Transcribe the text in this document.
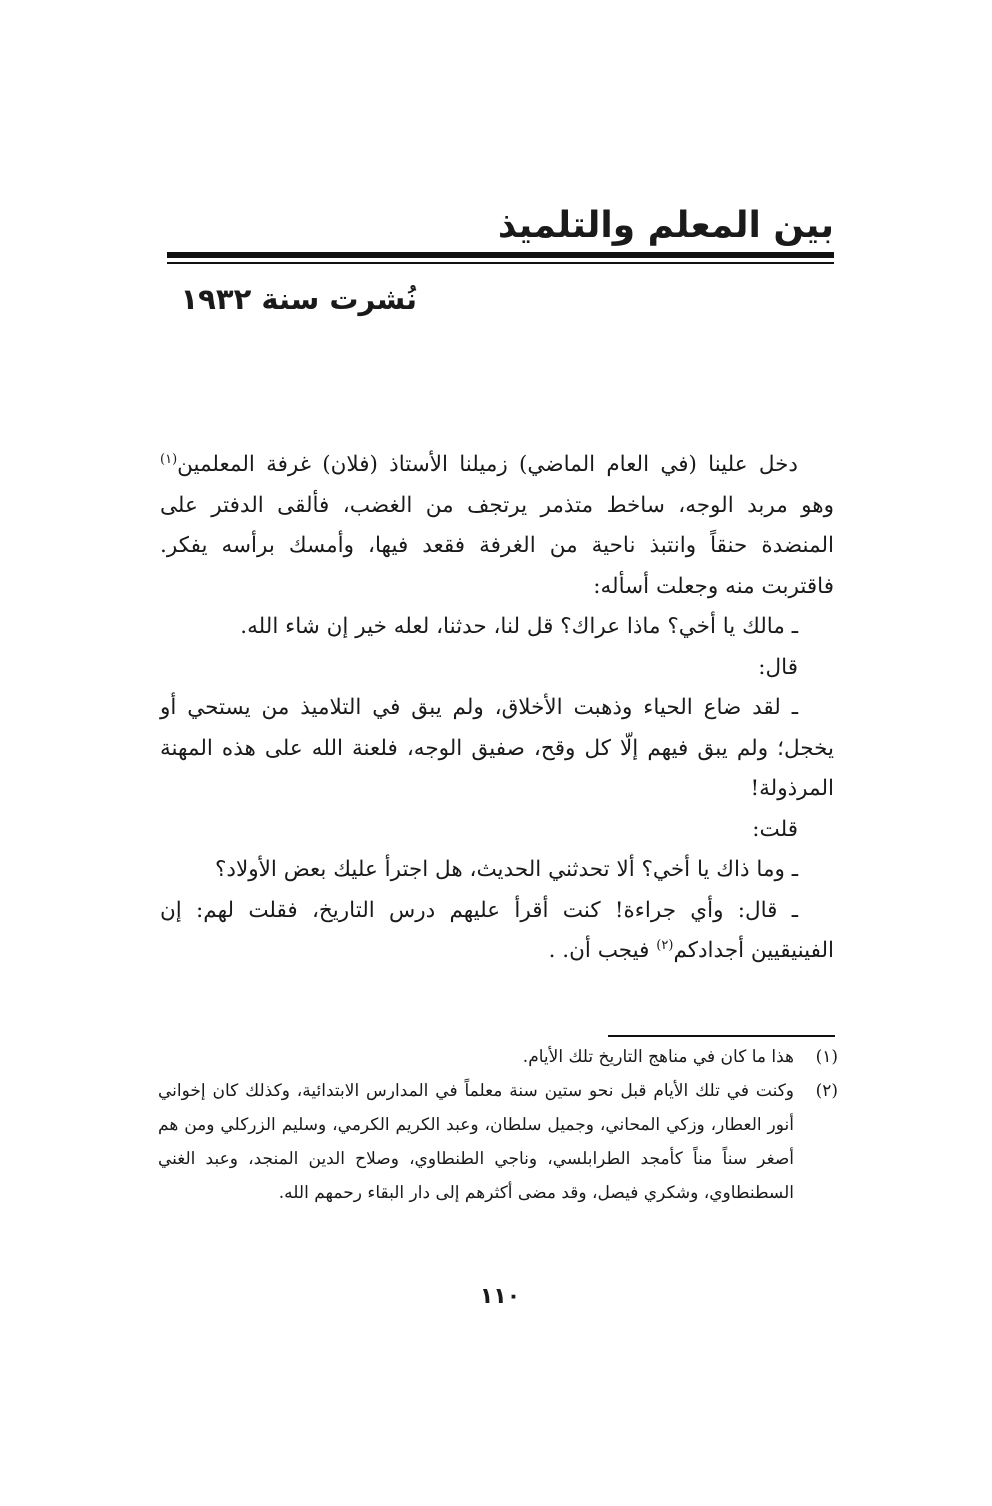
بين المعلم والتلميذ
نُشرت سنة ١٩٣٢

دخل علينا (في العام الماضي) زميلنا الأستاذ (فلان) غرفة المعلمين$^{(١)}$ وهو مربد الوجه، ساخط متذمر يرتجف من الغضب، فألقى الدفتر على المنضدة حنقاً وانتبذ ناحية من الغرفة فقعد فيها، وأمسك برأسه يفكر. فاقتربت منه وجعلت أسأله:

ـ مالك يا أخي؟ ماذا عراك؟ قل لنا، حدثنا، لعله خير إن شاء الله.

قال:

ـ لقد ضاع الحياء وذهبت الأخلاق، ولم يبق في التلاميذ من يستحي أو يخجل؛ ولم يبق فيهم إلّا كل وقح، صفيق الوجه، فلعنة الله على هذه المهنة المرذولة!

قلت:

ـ وما ذاك يا أخي؟ ألا تحدثني الحديث، هل اجترأ عليك بعض الأولاد؟

ـ قال: وأي جراءة! كنت أقرأ عليهم درس التاريخ، فقلت لهم: إن الفينيقيين أجدادكم$^{(٢)}$ فيجب أن. .

(١)
هذا ما كان في مناهج التاريخ تلك الأيام.
(٢)
وكنت في تلك الأيام قبل نحو ستين سنة معلماً في المدارس الابتدائية، وكذلك كان إخواني أنور العطار، وزكي المحاني، وجميل سلطان، وعبد الكريم الكرمي، وسليم الزركلي ومن هم أصغر سناً مناً كأمجد الطرابلسي، وناجي الطنطاوي، وصلاح الدين المنجد، وعبد الغني السطنطاوي، وشكري فيصل، وقد مضى أكثرهم إلى دار البقاء رحمهم الله.
١١٠
